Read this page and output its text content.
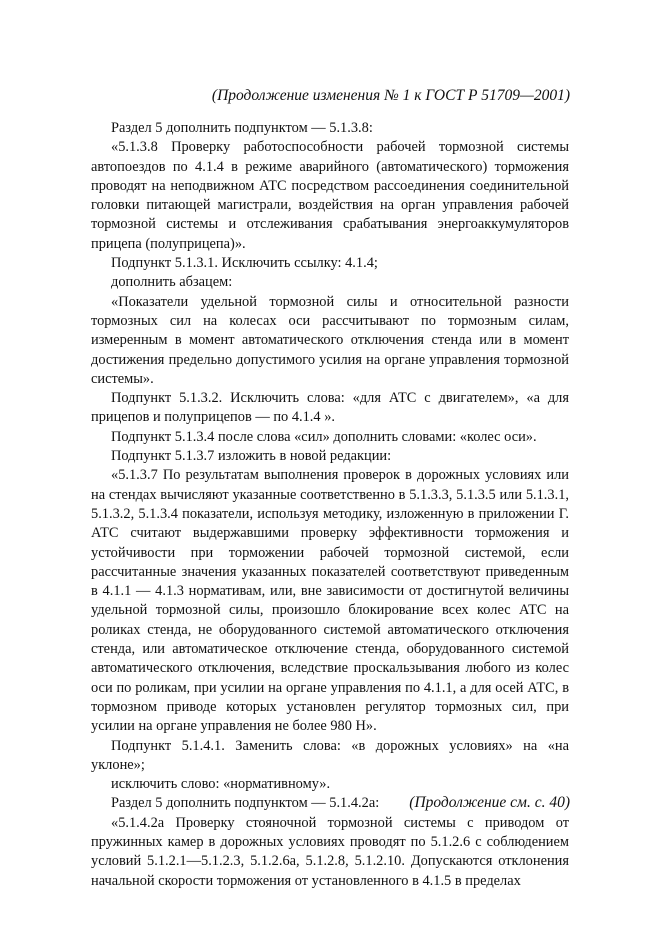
(Продолжение изменения № 1 к ГОСТ Р 51709—2001)

Раздел 5 дополнить подпунктом — 5.1.3.8:

«5.1.3.8 Проверку работоспособности рабочей тормозной системы автопоездов по 4.1.4 в режиме аварийного (автоматического) торможения проводят на неподвижном АТС посредством рассоединения соединительной головки питающей магистрали, воздействия на орган управления рабочей тормозной системы и отслеживания срабатывания энергоаккумуляторов прицепа (полуприцепа)».

Подпункт 5.1.3.1. Исключить ссылку: 4.1.4;

дополнить абзацем:

«Показатели удельной тормозной силы и относительной разности тормозных сил на колесах оси рассчитывают по тормозным силам, измеренным в момент автоматического отключения стенда или в момент достижения предельно допустимого усилия на органе управления тормозной системы».

Подпункт 5.1.3.2. Исключить слова: «для АТС с двигателем», «а для прицепов и полуприцепов — по 4.1.4 ».

Подпункт 5.1.3.4 после слова «сил» дополнить словами: «колес оси».

Подпункт 5.1.3.7 изложить в новой редакции:

«5.1.3.7 По результатам выполнения проверок в дорожных условиях или на стендах вычисляют указанные соответственно в 5.1.3.3, 5.1.3.5 или 5.1.3.1, 5.1.3.2, 5.1.3.4 показатели, используя методику, изложенную в приложении Г. АТС считают выдержавшими проверку эффективности торможения и устойчивости при торможении рабочей тормозной системой, если рассчитанные значения указанных показателей соответствуют приведенным в 4.1.1 — 4.1.3 нормативам, или, вне зависимости от достигнутой величины удельной тормозной силы, произошло блокирование всех колес АТС на роликах стенда, не оборудованного системой автоматического отключения стенда, или автоматическое отключение стенда, оборудованного системой автоматического отключения, вследствие проскальзывания любого из колес оси по роликам, при усилии на органе управления по 4.1.1, а для осей АТС, в тормозном приводе которых установлен регулятор тормозных сил, при усилии на органе управления не более 980 Н».

Подпункт 5.1.4.1. Заменить слова: «в дорожных условиях» на «на уклоне»;

исключить слово: «нормативному».

Раздел 5 дополнить подпунктом — 5.1.4.2а:

«5.1.4.2а Проверку стояночной тормозной системы с приводом от пружинных камер в дорожных условиях проводят по 5.1.2.6 с соблюдением условий 5.1.2.1—5.1.2.3, 5.1.2.6а, 5.1.2.8, 5.1.2.10. Допускаются отклонения начальной скорости торможения от установленного в 4.1.5 в пределах

(Продолжение см. с. 40)
